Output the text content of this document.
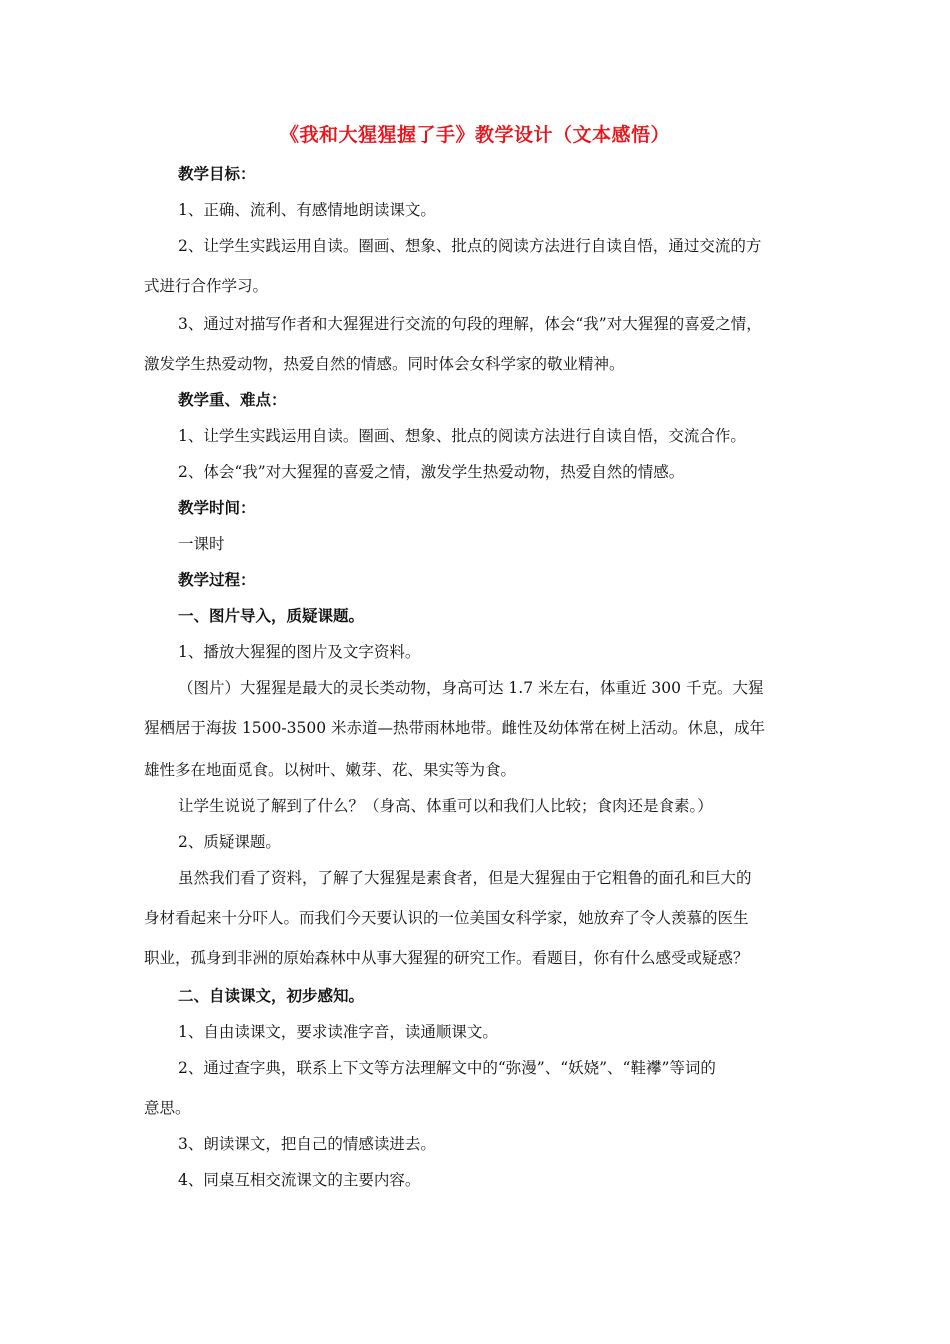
《我和大猩猩握了手》教学设计（文本感悟）
教学目标：
1、正确、流利、有感情地朗读课文。
2、让学生实践运用自读。圈画、想象、批点的阅读方法进行自读自悟，通过交流的方
式进行合作学习。
3、通过对描写作者和大猩猩进行交流的句段的理解，体会“我”对大猩猩的喜爱之情，
激发学生热爱动物，热爱自然的情感。同时体会女科学家的敬业精神。
教学重、难点：
1、让学生实践运用自读。圈画、想象、批点的阅读方法进行自读自悟，交流合作。
2、体会“我”对大猩猩的喜爱之情，激发学生热爱动物，热爱自然的情感。
教学时间：
一课时
教学过程：
一、图片导入，质疑课题。
1、播放大猩猩的图片及文字资料。
（图片）大猩猩是最大的灵长类动物，身高可达 1.7 米左右，体重近 300 千克。大猩
猩栖居于海拔 1500-3500 米赤道—热带雨林地带。雌性及幼体常在树上活动。休息，成年
雄性多在地面觅食。以树叶、嫩芽、花、果实等为食。
让学生说说了解到了什么？（身高、体重可以和我们人比较；食肉还是食素。）
2、质疑课题。
虽然我们看了资料，了解了大猩猩是素食者，但是大猩猩由于它粗鲁的面孔和巨大的
身材看起来十分吓人。而我们今天要认识的一位美国女科学家，她放弃了令人羡慕的医生
职业，孤身到非洲的原始森林中从事大猩猩的研究工作。看题目，你有什么感受或疑惑？
二、自读课文，初步感知。
1、自由读课文，要求读准字音，读通顺课文。
2、通过查字典，联系上下文等方法理解文中的“弥漫”、“妖娆”、“鞋襻”等词的
意思。
3、朗读课文，把自己的情感读进去。
4、同桌互相交流课文的主要内容。
